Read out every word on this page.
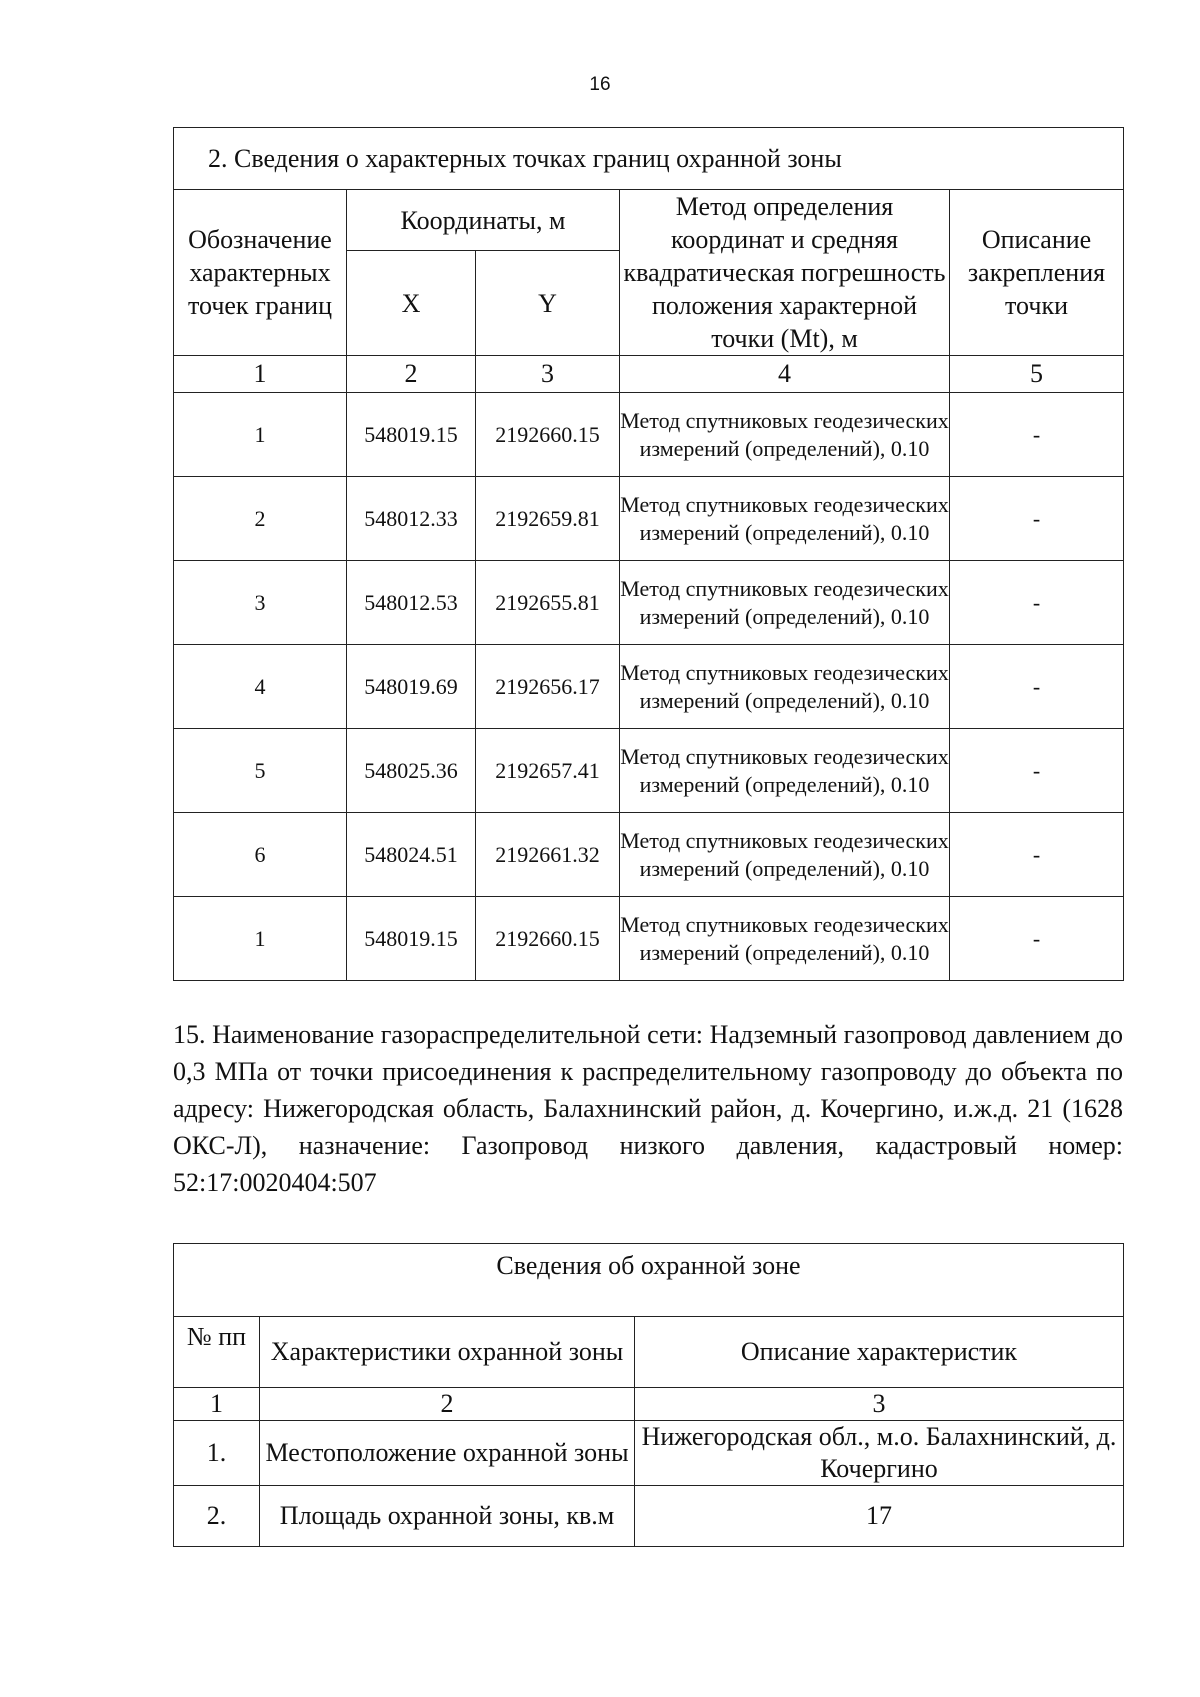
16
2. Сведения о характерных точках границ охранной зоны				
Обозначение характерных точек границ	Координаты, м		Метод определения координат и средняя квадратическая погрешность положения характерной точки (Mt), м	Описание закрепления точки
	X	Y		
1	2	3	4	5
1	548019.15	2192660.15	Метод спутниковых геодезических измерений (определений), 0.10	-
2	548012.33	2192659.81	Метод спутниковых геодезических измерений (определений), 0.10	-
3	548012.53	2192655.81	Метод спутниковых геодезических измерений (определений), 0.10	-
4	548019.69	2192656.17	Метод спутниковых геодезических измерений (определений), 0.10	-
5	548025.36	2192657.41	Метод спутниковых геодезических измерений (определений), 0.10	-
6	548024.51	2192661.32	Метод спутниковых геодезических измерений (определений), 0.10	-
1	548019.15	2192660.15	Метод спутниковых геодезических измерений (определений), 0.10	-
15. Наименование газораспределительной сети: Надземный газопровод давлением до 0,3 МПа от точки присоединения к распределительному газопроводу до объекта по адресу: Нижегородская область, Балахнинский район, д. Кочергино, и.ж.д. 21 (1628 ОКС-Л), назначение: Газопровод низкого давления, кадастровый номер: 52:17:0020404:507
Сведения об охранной зоне		
№ пп	Характеристики охранной зоны	Описание характеристик
1	2	3
1.	Местоположение охранной зоны	Нижегородская обл., м.о. Балахнинский, д. Кочергино
2.	Площадь охранной зоны, кв.м	17
